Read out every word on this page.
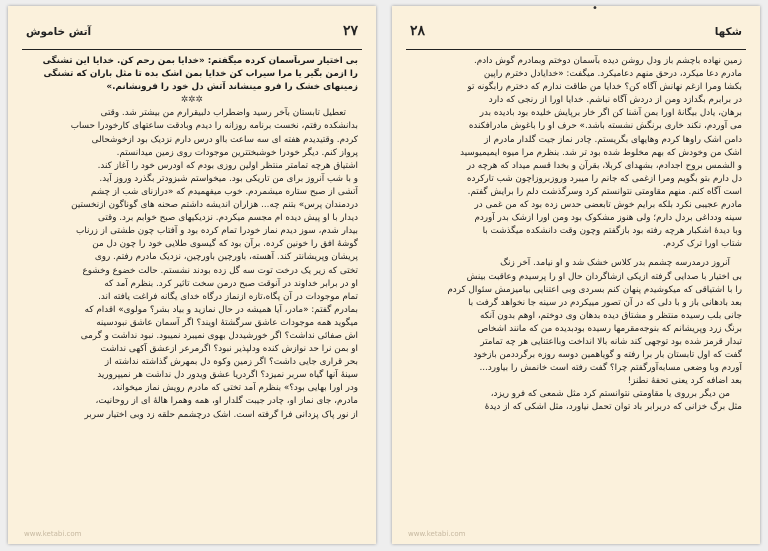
آتش خاموش	۲۷
بی اختیار سربآسمان کرده میگفتم: «خدایا بمن رحم کن. خدایا این تشنگی
را ازمن بگیر یا مرا سیراب کن خدایا بمن اشک بده تا مثل باران که تشنگی
زمینهای خشک را فرو مینشاند آتش دل خود را فرونشانم.»
✲✲✲
تعطیل تابستان بآخر رسید واضطراب دلبیقرارم من بیشتر شد. وقتی
بدانشکده رفتم، نخست برنامه روزانه را دیدم وبادقت ساعتهای کارخودرا حساب
کردم. وقتیدیدم هفته ای سه ساعت بااو درس دارم نزدیک بود ازخوشحالی
پرواز کنم. دیگر خودرا خوشبختترین موجودات روی زمین میدانستم.
اشتیاق هرچه تمامتر منتظر اولین روزی بودم که اودرس خود را آغاز کند.
و با شب آنروز برای من تاریکی بود. میخواستم شبزودتر بگذرد وروز آید.
آتشی از صبح ستاره میشمردم. خوب میفهمیدم که «درازنای شب از چشم
دردمندان پرس» بتنم چه... هزاران اندیشه داشتم صحنه های گوناگون ازنخستین
دیدار با او پیش دیده ام مجسم میکردم. نزدیکیهای صبح خوابم برد. وقتی
بیدار شدم، سوز دیدم نماز خودرا تمام کرده بود و آفتاب چون طشتی از زرناب
گوشهٔ افق را خونین کرده. برآن بود که گیسوی طلایی خود را چون دل من
پریشان وپریشانتر کند. آهسته، باورچین باورچین، نزدیک مادرم رفتم. روی
تختی که زیر یک درخت توت سه گل زده بودند نشستم. حالت خضوع وخشوع
او در برابر خداوند در آنوقت صبح درمن سخت تاثیر کرد. بنظرم آمد که
تمام موجودات در آن پگاه،تازه ازنماز درگاه خدای یگانه فراغت یافته اند.
بمادرم گفتم: «مادر، آیا همیشه در حال نمازید و بیاد بشر؟ مولوی» اقدام که
میگوید همه موجودات عاشق سرگشتهٔ اویند؟ اگر آسمان عاشق نبودسینه
اش صفائی نداشت؟ اگر خورشیددل بهوی نمیبرد نمیبود. نبود نداشت و گرمی
او بمن نرا حد نوازش کنده ودلپذیر نبود؟ اگرمرعر ازعشق آکهی نداشت
بحر قراری جایی داشت؟ اگر زمین وکوه دل بمهرش گذاشته نداشته از
سینهٔ آنها گیاه سربر نمیزد؟ اگردریا عشق ویدور دل نداشت هر نمیپرورید
ودر اورا بهایی بود؟» بنظرم آمد تختی که مادرم رویش نماز میخواند،
مادرم، جای نماز او، چادر جیبت گلدار او، همه وهمرا هالهٔ ای از روحانیت،
از نور پاک پزدانی فرا گرفته است. اشک درچشمم حلقه زد وبی اختیار سربر
www.ketabi.com
•
۲۸	شکها
زمین نهاده باچشم باز ودل روشن دیده بآسمان دوختم وبمادرم گوش دادم.
مادرم دعا میکرد، درحق منهم دعامیکرد. میگفت: «خدایادل دخترم راپین
بکشا ومرا ازغم نهانش آگاه کن؟ خدایا من طاقت ندارم که دخترم رابگونه تو
در برابرم بگدازد ومن از دردش آگاه نباشم. خدایا اورا از رنجی که دارد
برهان، یادل بیگانهٔ اورا بمن آشنا کن اگر خار برپایش خلیده بود بادیده بدر
می آوردم، نکند خاری برنگش نشسته باشد.» حرف او را باغوش مادرافکنده
دامن اشک راوها کردم وهایهای بگریستم. چادر نماز جیت گلدار مادرم از
اشک من وخودش که بهم مخلوط شده بود تر شد. بنظرم مرا میوه ایمیمیوسید
و الشمس بروح اجدادم، بشهدای کربلا، بقرآن و بخدا قسم میداد که هرچه در
دل دارم بتو بگویم ومرا ازغمی که جانم را میبرد وروزبروزاچون شب تارکرده
است آگاه کنم. منهم مقاومتی نتوانستم کرد وسرگذشت دلم را برایش گفتم.
مادرم عجیبی نکرد بلکه برایم خوش تابعضی حدس زده بود که من غمی در
سینه ودداغی بردل دارم؛ ولی هنوز مشکوک بود ومن اورا ازشک بدر آوردم
وبا دیدهٔ اشکبار هرچه رفته بود بازگفتم وچون وقت دانشکده میگذشت با
شتاب اورا ترک کردم.
آنروز درمدرسه چشمم بدر کلاس خشک شد و او نیامد. آخر زنگ
بی اختیار با صدایی گرفته ازیکی ازشاگردان حال او را پرسیدم وعاقبت بینش
را با اشتیاقی که میکوشیدم پنهان کنم بسردی وبی اعتنایی بیامیزمش سئوال کردم
بعد بادهانی باز و با دلی که در آن تصور مییکردم در سینه جا نخواهد گرفت با
جانی بلب رسیده منتظر و مشتاق دیده بدهان وی دوختم، اوهم بدون آنکه
برنگ زرد وپریشانم که بنوجه‌مقرمها رسیده بودبدیده من که مانند اشخاص
تبدار قرمز شده بود توجهی کند شانه بالا انداخت وبااعتنایی هر چه تمامتر
گفت که اول تابستان بار برا رفته و گویاهمین دوسه روزه برگرددمن بازخود
آوردم وبا وضعی مسابه‌آورگفتم چرا؟ گفت رفته است خانمش را بیاورد...
بعد اضافه کرد یعنی تحفهٔ نطنز!
من دیگر برروی یا مقاومتی نتوانستم کرد مثل شمعی که فرو ریزد،
مثل برگ خزانی که دربرابر باد توان تحمل نیاورد، مثل اشکی که از دیدهٔ
www.ketabi.com
